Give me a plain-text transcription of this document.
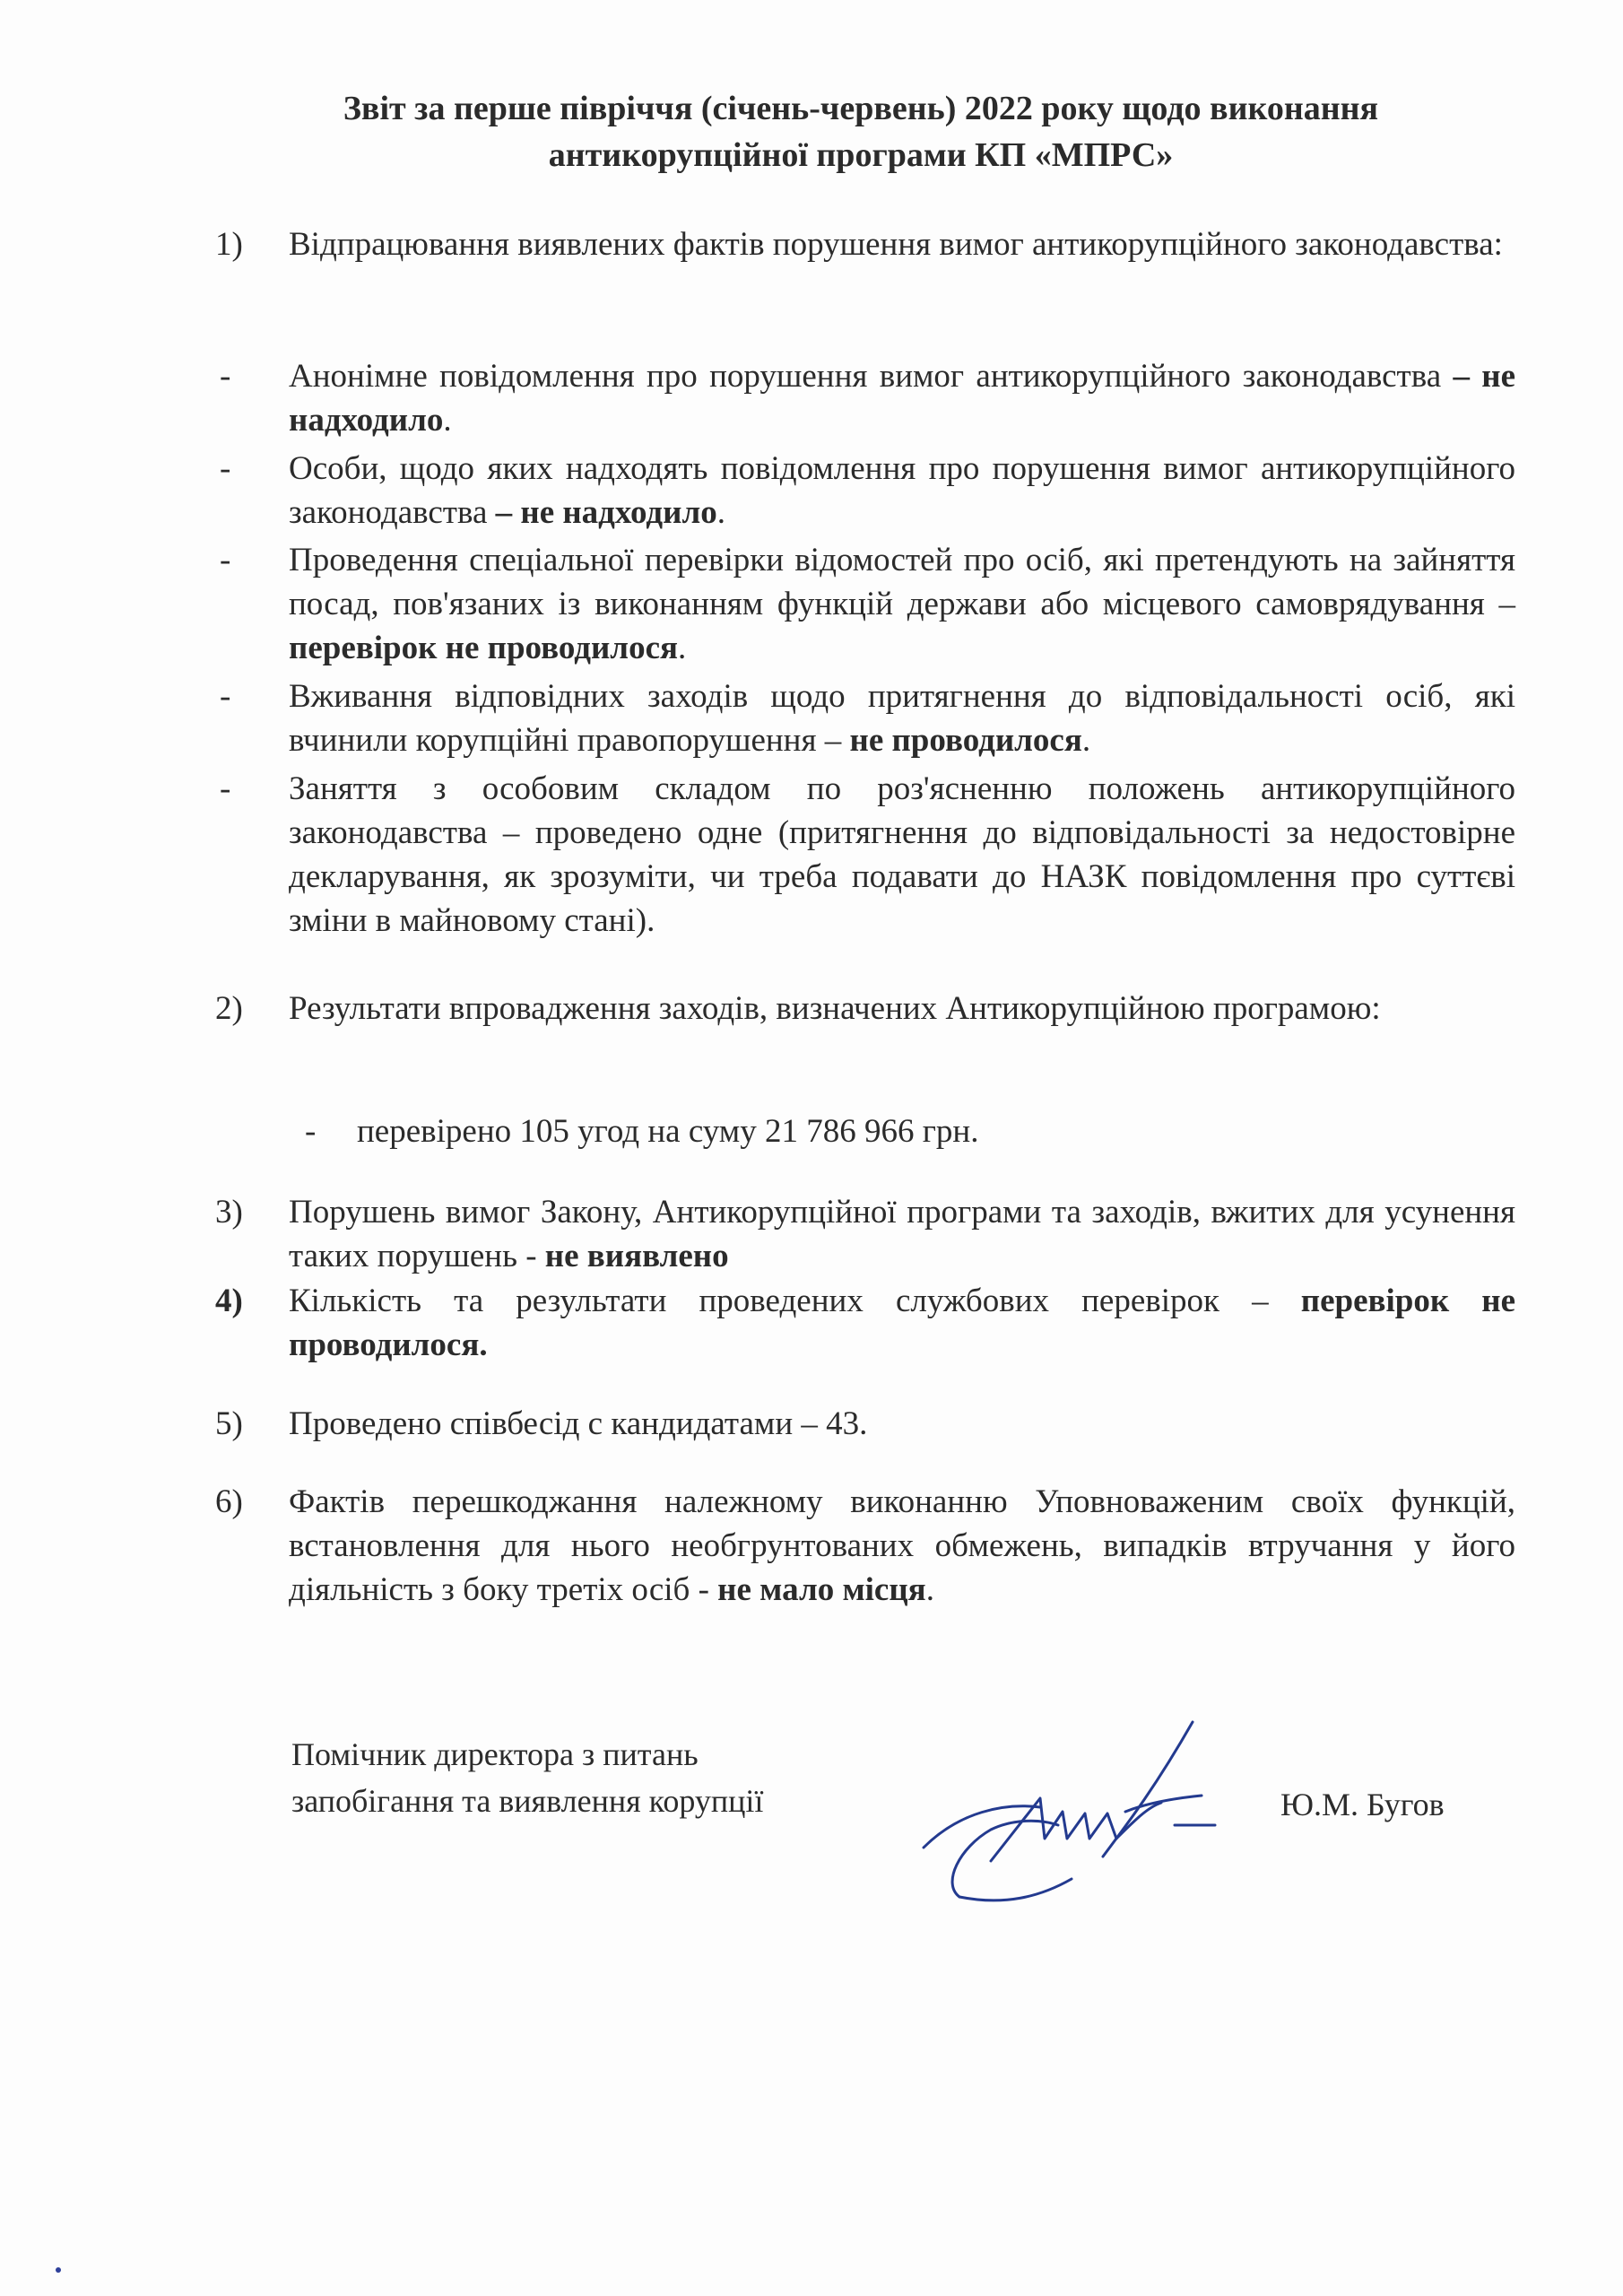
Звіт за перше півріччя (січень-червень) 2022 року щодо виконання
антикорупційної програми КП «МПРС»
1) Відпрацювання виявлених фактів порушення вимог антикорупційного законодавства:
- Анонімне повідомлення про порушення вимог антикорупційного законодавства – не надходило.
- Особи, щодо яких надходять повідомлення про порушення вимог антикорупційного законодавства – не надходило.
- Проведення спеціальної перевірки відомостей про осіб, які претендують на зайняття посад, пов'язаних із виконанням функцій держави або місцевого самоврядування – перевірок не проводилося.
- Вживання відповідних заходів щодо притягнення до відповідальності осіб, які вчинили корупційні правопорушення – не проводилося.
- Заняття з особовим складом по роз'ясненню положень антикорупційного законодавства – проведено одне (притягнення до відповідальності за недостовірне декларування, як зрозуміти, чи треба подавати до НАЗК повідомлення про суттєві зміни в майновому стані).
2) Результати впровадження заходів, визначених Антикорупційною програмою:
- перевірено 105 угод на суму 21 786 966 грн.
3) Порушень вимог Закону, Антикорупційної програми та заходів, вжитих для усунення таких порушень - не виявлено
4) Кількість та результати проведених службових перевірок – перевірок не проводилося.
5) Проведено співбесід с кандидатами – 43.
6) Фактів перешкоджання належному виконанню Уповноваженим своїх функцій, встановлення для нього необгрунтованих обмежень, випадків втручання у його діяльність з боку третіх осіб - не мало місця.
Помічник директора з питань
запобігання та виявлення корупції	Ю.М. Бугов
